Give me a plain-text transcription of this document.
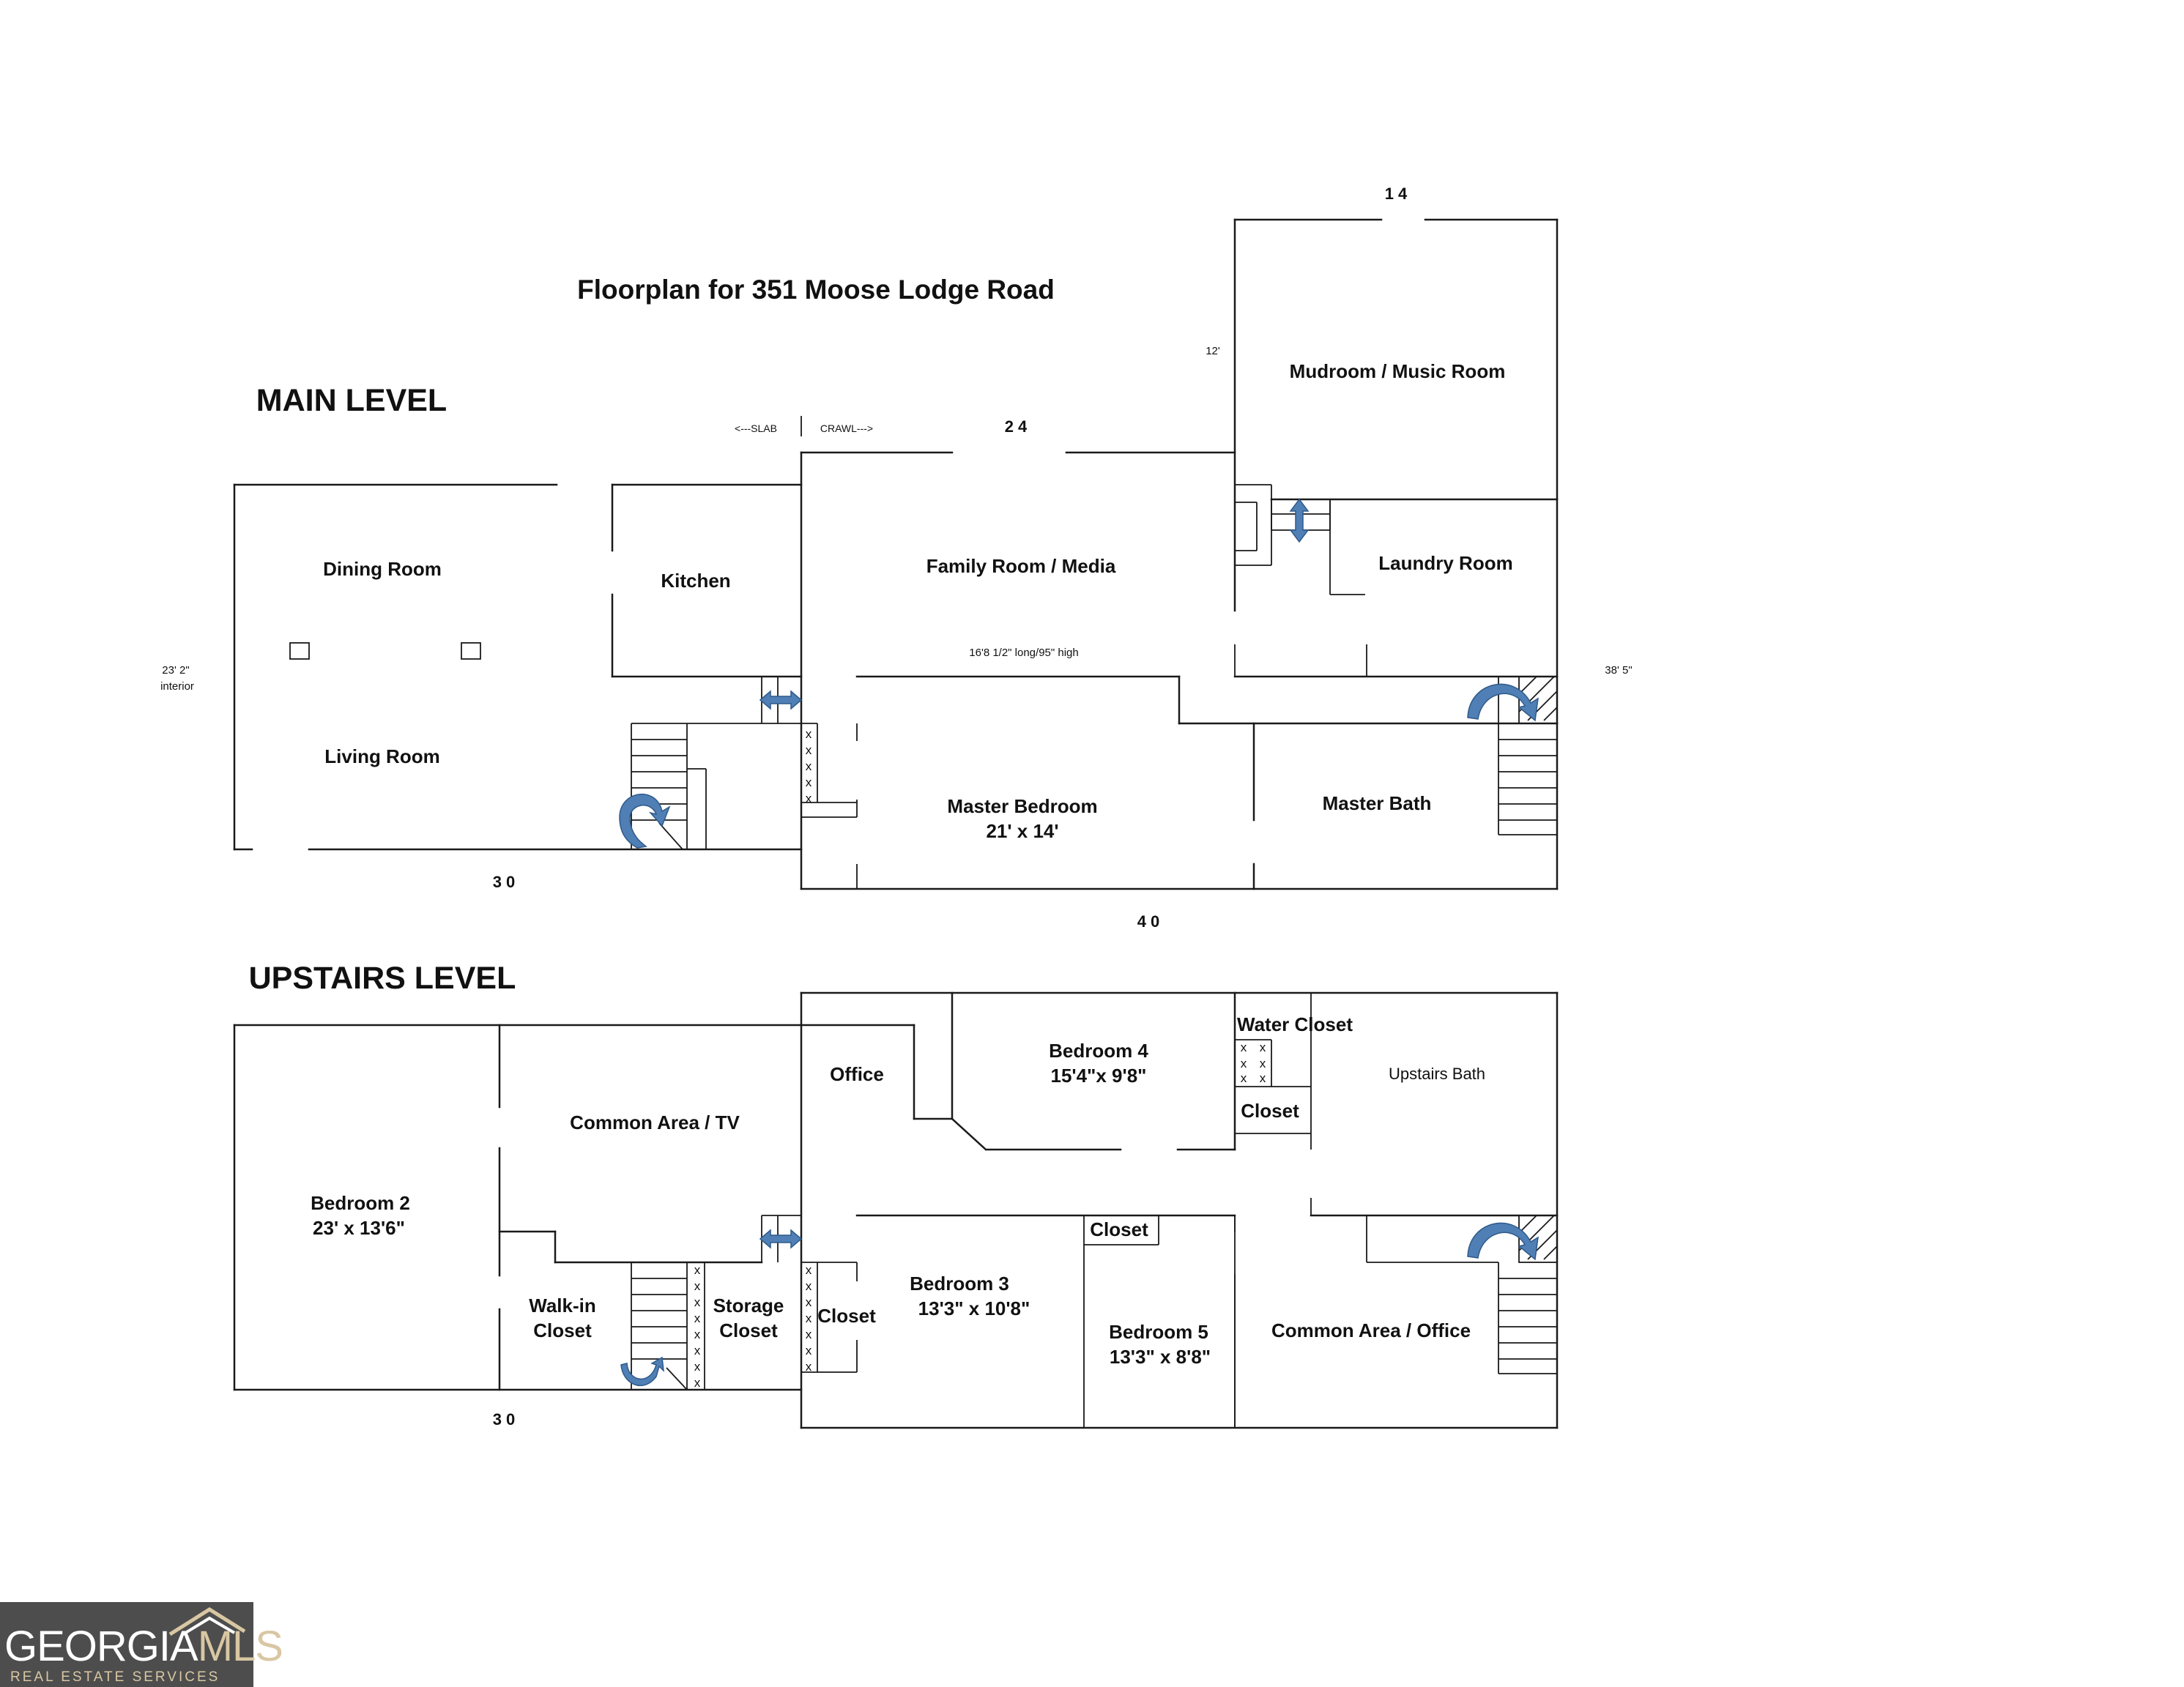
Floorplan for 351 Moose Lodge Road
MAIN LEVEL
UPSTAIRS LEVEL
x
x
x
x
x
Dining Room
Living Room
Kitchen
Family Room / Media
Mudroom / Music Room
Laundry Room
Master Bedroom
21' x 14'
Master Bath
23' 2"
interior
38' 5"
3 0
4 0
2 4
1 4
12'
16'8 1/2" long/95" high
<---SLAB	CRAWL--->
x
x
x
x
x
x
x
x
x
x
x
x
x
x
x
x x
x x
x x
Bedroom 2
23' x 13'6"
Common Area / TV
Walk-in
Closet
Storage
Closet
Office
Bedroom 4
15'4"x 9'8"
Water Closet
Closet
Upstairs Bath
Closet
Closet
Bedroom 3
13'3" x 10'8"
Bedroom 5
13'3" x 8'8"
Common Area / Office
3 0
GEORGIAMLS
REAL ESTATE SERVICES
